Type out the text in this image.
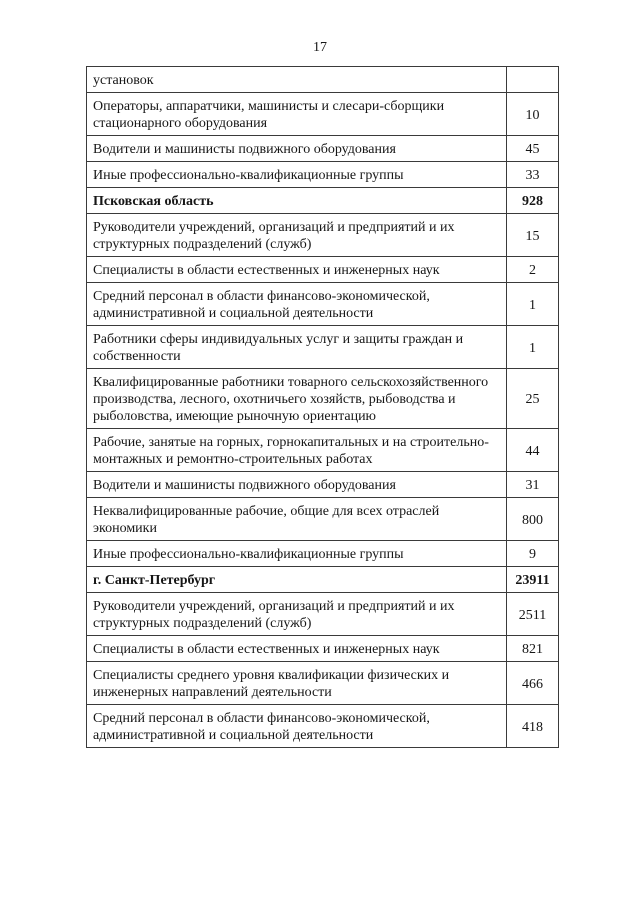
17
установок	
Операторы, аппаратчики, машинисты и слесари-сборщики стационарного оборудования	10
Водители и машинисты подвижного оборудования	45
Иные профессионально-квалификационные группы	33
Псковская область	928
Руководители учреждений, организаций и предприятий и их структурных подразделений (служб)	15
Специалисты в области естественных и инженерных наук	2
Средний персонал в области финансово-экономической, административной и социальной деятельности	1
Работники сферы индивидуальных услуг и защиты граждан и собственности	1
Квалифицированные работники товарного сельскохозяйственного производства, лесного, охотничьего хозяйств, рыбоводства и рыболовства, имеющие рыночную ориентацию	25
Рабочие, занятые на горных, горнокапитальных и на строительно-монтажных и ремонтно-строительных работах	44
Водители и машинисты подвижного оборудования	31
Неквалифицированные рабочие, общие для всех отраслей экономики	800
Иные профессионально-квалификационные группы	9
г. Санкт-Петербург	23911
Руководители учреждений, организаций и предприятий и их структурных подразделений (служб)	2511
Специалисты в области естественных и инженерных наук	821
Специалисты среднего уровня квалификации физических и инженерных направлений деятельности	466
Средний персонал в области финансово-экономической, административной и социальной деятельности	418
